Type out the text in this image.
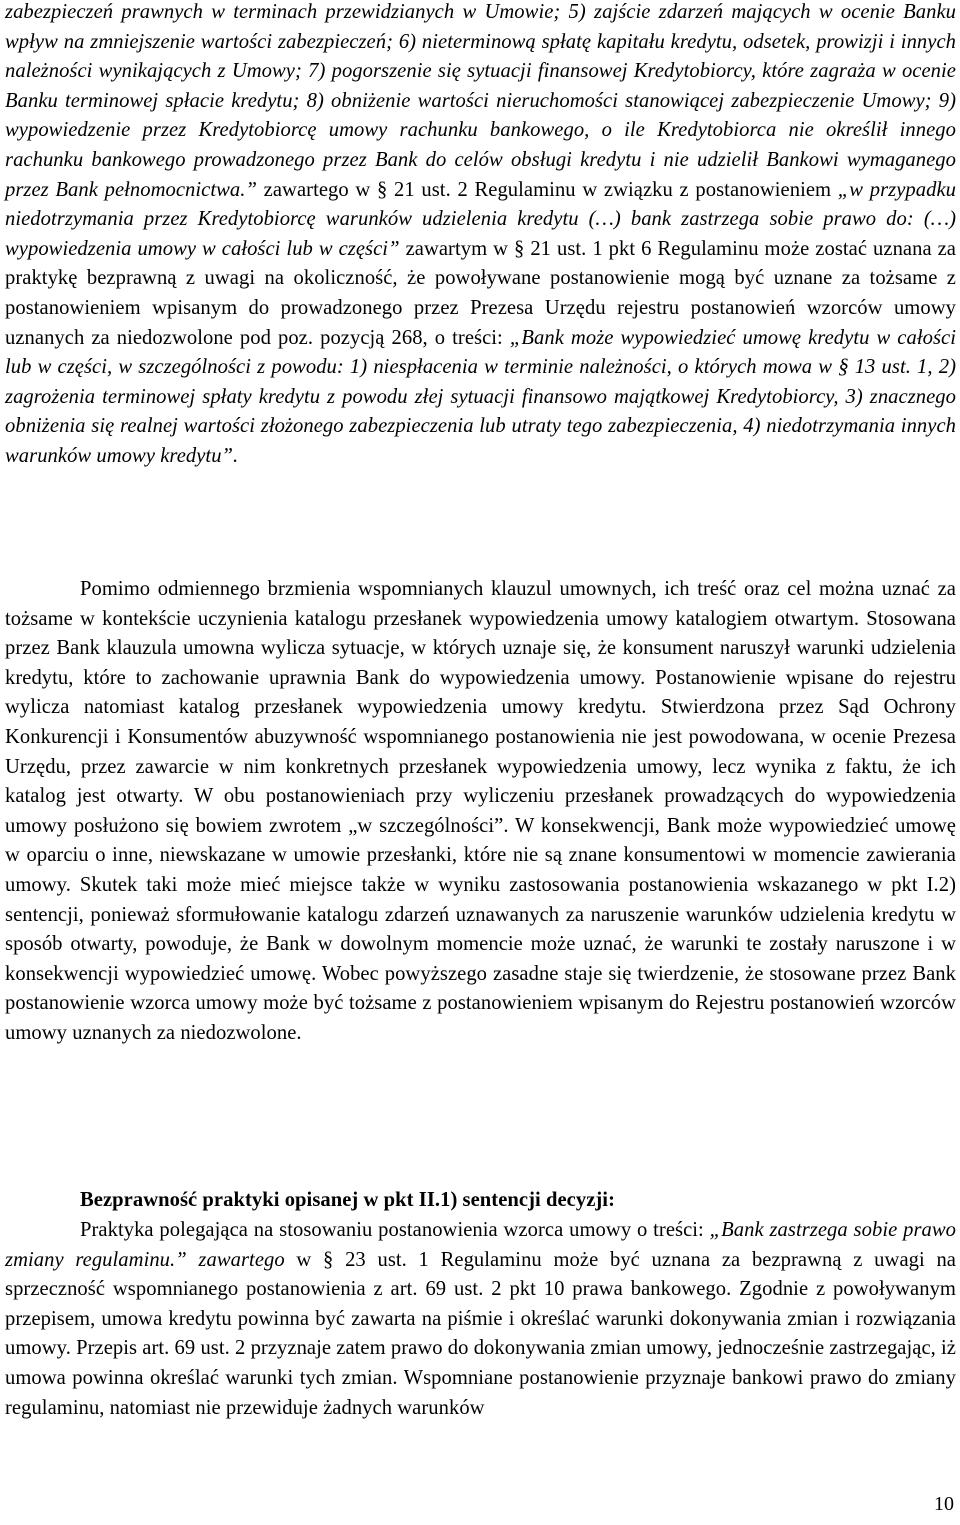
zabezpieczeń prawnych w terminach przewidzianych w Umowie; 5) zajście zdarzeń mających w ocenie Banku wpływ na zmniejszenie wartości zabezpieczeń; 6) nieterminową spłatę kapitału kredytu, odsetek, prowizji i innych należności wynikających z Umowy; 7) pogorszenie się sytuacji finansowej Kredytobiorcy, które zagraża w ocenie Banku terminowej spłacie kredytu; 8) obniżenie wartości nieruchomości stanowiącej zabezpieczenie Umowy; 9) wypowiedzenie przez Kredytobiorcę umowy rachunku bankowego, o ile Kredytobiorca nie określił innego rachunku bankowego prowadzonego przez Bank do celów obsługi kredytu i nie udzielił Bankowi wymaganego przez Bank pełnomocnictwa.” zawartego w § 21 ust. 2 Regulaminu w związku z postanowieniem „w przypadku niedotrzymania przez Kredytobiorcę warunków udzielenia kredytu (…) bank zastrzega sobie prawo do: (…) wypowiedzenia umowy w całości lub w części” zawartym w § 21 ust. 1 pkt 6 Regulaminu może zostać uznana za praktykę bezprawną z uwagi na okoliczność, że powoływane postanowienie mogą być uznane za tożsame z postanowieniem wpisanym do prowadzonego przez Prezesa Urzędu rejestru postanowień wzorców umowy uznanych za niedozwolone pod poz. pozycją 268, o treści: „Bank może wypowiedzieć umowę kredytu w całości lub w części, w szczególności z powodu: 1) niespłacenia w terminie należności, o których mowa w § 13 ust. 1, 2) zagrożenia terminowej spłaty kredytu z powodu złej sytuacji finansowo majątkowej Kredytobiorcy, 3) znacznego obniżenia się realnej wartości złożonego zabezpieczenia lub utraty tego zabezpieczenia, 4) niedotrzymania innych warunków umowy kredytu”.

Pomimo odmiennego brzmienia wspomnianych klauzul umownych, ich treść oraz cel można uznać za tożsame w kontekście uczynienia katalogu przesłanek wypowiedzenia umowy katalogiem otwartym. Stosowana przez Bank klauzula umowna wylicza sytuacje, w których uznaje się, że konsument naruszył warunki udzielenia kredytu, które to zachowanie uprawnia Bank do wypowiedzenia umowy. Postanowienie wpisane do rejestru wylicza natomiast katalog przesłanek wypowiedzenia umowy kredytu. Stwierdzona przez Sąd Ochrony Konkurencji i Konsumentów abuzywność wspomnianego postanowienia nie jest powodowana, w ocenie Prezesa Urzędu, przez zawarcie w nim konkretnych przesłanek wypowiedzenia umowy, lecz wynika z faktu, że ich katalog jest otwarty. W obu postanowieniach przy wyliczeniu przesłanek prowadzących do wypowiedzenia umowy posłużono się bowiem zwrotem „w szczególności”. W konsekwencji, Bank może wypowiedzieć umowę w oparciu o inne, niewskazane w umowie przesłanki, które nie są znane konsumentowi w momencie zawierania umowy. Skutek taki może mieć miejsce także w wyniku zastosowania postanowienia wskazanego w pkt I.2) sentencji, ponieważ sformułowanie katalogu zdarzeń uznawanych za naruszenie warunków udzielenia kredytu w sposób otwarty, powoduje, że Bank w dowolnym momencie może uznać, że warunki te zostały naruszone i w konsekwencji wypowiedzieć umowę. Wobec powyższego zasadne staje się twierdzenie, że stosowane przez Bank postanowienie wzorca umowy może być tożsame z postanowieniem wpisanym do Rejestru postanowień wzorców umowy uznanych za niedozwolone.

Bezprawność praktyki opisanej w pkt II.1) sentencji decyzji:

Praktyka polegająca na stosowaniu postanowienia wzorca umowy o treści: „Bank zastrzega sobie prawo zmiany regulaminu.” zawartego w § 23 ust. 1 Regulaminu może być uznana za bezprawną z uwagi na sprzeczność wspomnianego postanowienia z art. 69 ust. 2 pkt 10 prawa bankowego. Zgodnie z powoływanym przepisem, umowa kredytu powinna być zawarta na piśmie i określać warunki dokonywania zmian i rozwiązania umowy. Przepis art. 69 ust. 2 przyznaje zatem prawo do dokonywania zmian umowy, jednocześnie zastrzegając, iż umowa powinna określać warunki tych zmian. Wspomniane postanowienie przyznaje bankowi prawo do zmiany regulaminu, natomiast nie przewiduje żadnych warunków

10
